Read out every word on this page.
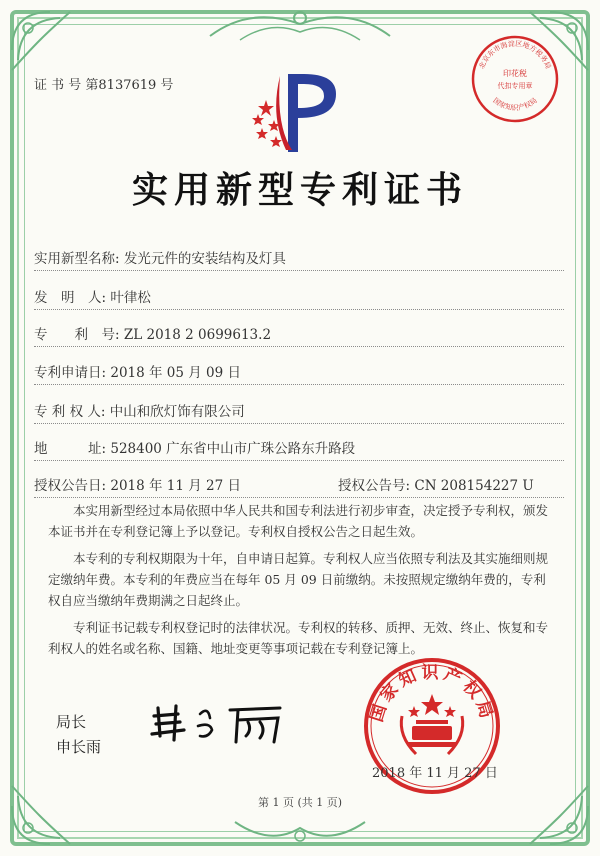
北京东市海淀区地方税务局
印花税
代扣专用章
国家知识产权局
证 书 号 第8137619 号
实用新型专利证书
实用新型名称: 发光元件的安装结构及灯具
发　明　人: 叶律松
专　　利　号: ZL 2018 2 0699613.2
专利申请日: 2018 年 05 月 09 日
专 利 权 人: 中山和欣灯饰有限公司
地　　　址: 528400 广东省中山市广珠公路东升路段
授权公告日: 2018 年 11 月 27 日	授权公告号: CN 208154227 U

本实用新型经过本局依照中华人民共和国专利法进行初步审查，决定授予专利权，颁发本证书并在专利登记簿上予以登记。专利权自授权公告之日起生效。

本专利的专利权期限为十年，自申请日起算。专利权人应当依照专利法及其实施细则规定缴纳年费。本专利的年费应当在每年 05 月 09 日前缴纳。未按照规定缴纳年费的，专利权自应当缴纳年费期满之日起终止。

专利证书记载专利权登记时的法律状况。专利权的转移、质押、无效、终止、恢复和专利权人的姓名或名称、国籍、地址变更等事项记载在专利登记簿上。

局长
申长雨
国家知识产权局
2018 年 11 月 27 日
第 1 页 (共 1 页)
